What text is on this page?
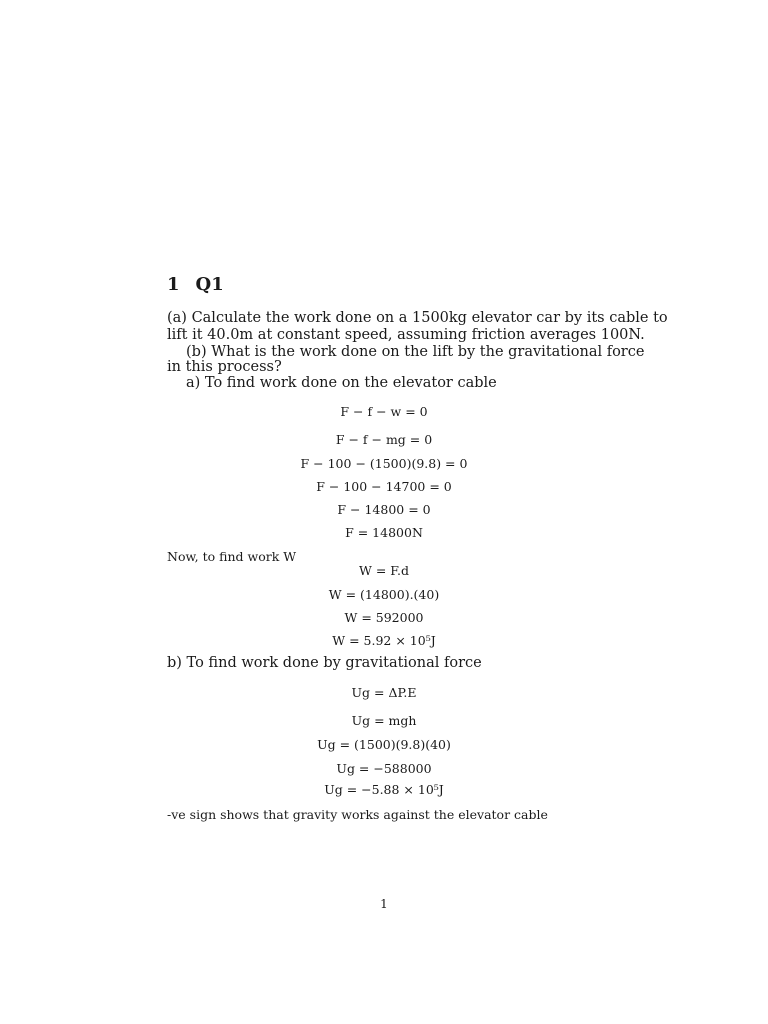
1 Q1

(a) Calculate the work done on a 1500kg elevator car by its cable to

lift it 40.0m at constant speed, assuming friction averages 100N.

(b) What is the work done on the lift by the gravitational force

in this process?

a) To find work done on the elevator cable

F − f − w = 0

F − f − mg = 0

F − 100 − (1500)(9.8) = 0

F − 100 − 14700 = 0

F − 14800 = 0

F = 14800N

Now, to find work W

W = F.d

W = (14800).(40)

W = 592000

W = 5.92 × 10⁵J

b) To find work done by gravitational force

Ug = ΔP.E

Ug = mgh

Ug = (1500)(9.8)(40)

Ug = −588000

Ug = −5.88 × 10⁵J

-ve sign shows that gravity works against the elevator cable

1
